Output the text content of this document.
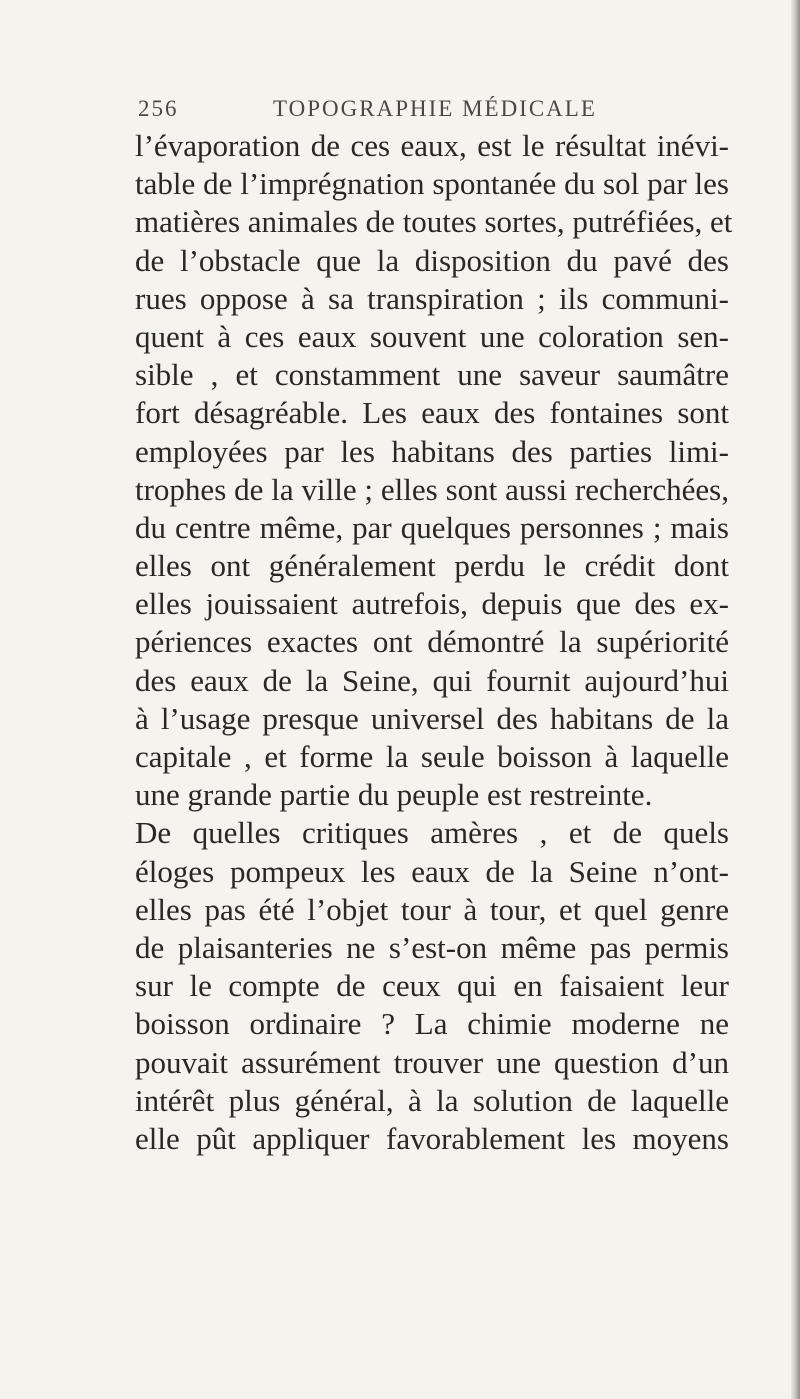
256	TOPOGRAPHIE MÉDICALE
l’évaporation de ces eaux, est le résultat inévi-
table de l’imprégnation spontanée du sol par les
matières animales de toutes sortes, putréfiées, et
de l’obstacle que la disposition du pavé des
rues oppose à sa transpiration ; ils communi-
quent à ces eaux souvent une coloration sen-
sible , et constamment une saveur saumâtre
fort désagréable. Les eaux des fontaines sont
employées par les habitans des parties limi-
trophes de la ville ; elles sont aussi recherchées,
du centre même, par quelques personnes ; mais
elles ont généralement perdu le crédit dont
elles jouissaient autrefois, depuis que des ex-
périences exactes ont démontré la supériorité
des eaux de la Seine, qui fournit aujourd’hui
à l’usage presque universel des habitans de la
capitale , et forme la seule boisson à laquelle
une grande partie du peuple est restreinte.
De quelles critiques amères , et de quels
éloges pompeux les eaux de la Seine n’ont-
elles pas été l’objet tour à tour, et quel genre
de plaisanteries ne s’est-on même pas permis
sur le compte de ceux qui en faisaient leur
boisson ordinaire ? La chimie moderne ne
pouvait assurément trouver une question d’un
intérêt plus général, à la solution de laquelle
elle pût appliquer favorablement les moyens
